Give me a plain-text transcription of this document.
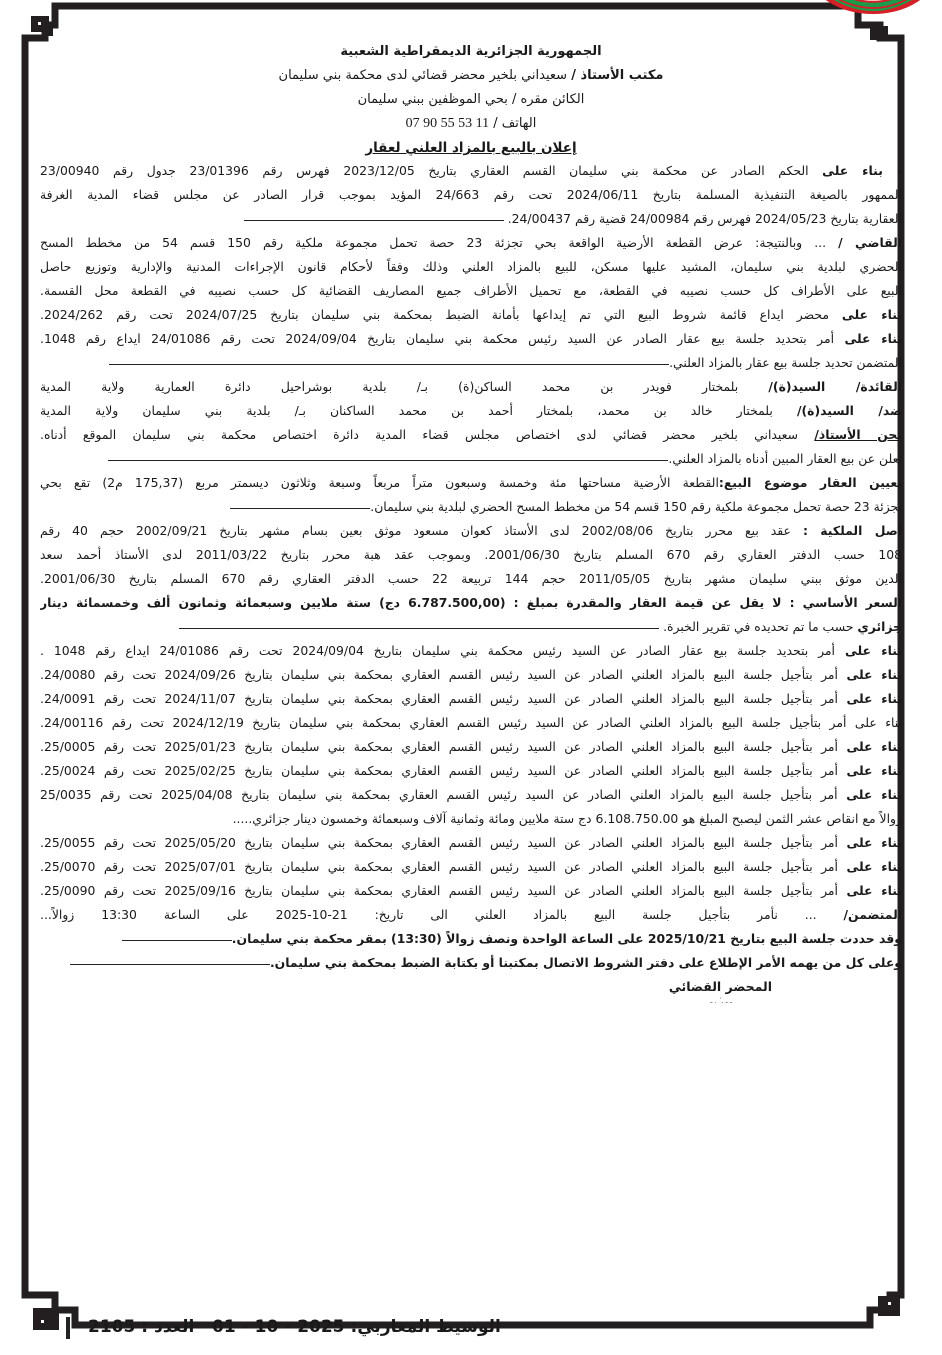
الجمهورية الجزائرية الديمقراطية الشعبية
مكتب الأستاذ / سعيداني بلخير محضر قضائي لدى محكمة بني سليمان
الكائن مقره / بحي الموظفين ببني سليمان
الهاتف / 07 90 55 53 11
إعلان بالبيع بالمزاد العلني لعقار
- بناء على الحكم الصادر عن محكمة بني سليمان القسم العقاري بتاريخ 2023/12/05 فهرس رقم 23/01396 جدول رقم 23/00940
الممهور بالصيغة التنفيذية المسلمة بتاريخ 2024/06/11 تحت رقم 24/663 المؤيد بموجب قرار الصادر عن مجلس قضاء المدية الغرفة
العقارية بتاريخ 2024/05/23 فهرس رقم 24/00984 قضية رقم 24/00437.
القاضي / ... وبالنتيجة: عرض القطعة الأرضية الواقعة بحي تجزئة 23 حصة تحمل مجموعة ملكية رقم 150 قسم 54 من مخطط المسح
الحضري لبلدية بني سليمان، المشيد عليها مسكن، للبيع بالمزاد العلني وذلك وفقاً لأحكام قانون الإجراءات المدنية والإدارية وتوزيع حاصل
البيع على الأطراف كل حسب نصيبه في القطعة، مع تحميل الأطراف جميع المصاريف القضائية كل حسب نصيبه في القطعة محل القسمة.
بناء على محضر ايداع قائمة شروط البيع التي تم إيداعها بأمانة الضبط بمحكمة بني سليمان بتاريخ 2024/07/25 تحت رقم 2024/262.
بناء على أمر بتحديد جلسة بيع عقار الصادر عن السيد رئيس محكمة بني سليمان بتاريخ 2024/09/04 تحت رقم 24/01086 ايداع رقم 1048.
المتضمن تحديد جلسة بيع عقار بالمزاد العلني.
القائدة/ السيد(ة)/ بلمختار فويدر بن محمد الساكن(ة) بـ/ بلدية بوشراحيل دائرة العمارية ولاية المدية
ضد/ السيد(ة)/ بلمختار خالد بن محمد، بلمختار أحمد بن محمد الساكنان بـ/ بلدية بني سليمان ولاية المدية
نحن الأستاذ/ سعيداني بلخير محضر قضائي لدى اختصاص مجلس قضاء المدية دائرة اختصاص محكمة بني سليمان الموقع أدناه.
نعلن عن بيع العقار المبين أدناه بالمزاد العلني.
تعيين العقار موضوع البيع:القطعة الأرضية مساحتها مئة وخمسة وسبعون متراً مربعاً وسبعة وثلاثون ديسمتر مربع (175,37 م2) تقع بحي
تجزئة 23 حصة تحمل مجموعة ملكية رقم 150 قسم 54 من مخطط المسح الحضري لبلدية بني سليمان.
أصل الملكية : عقد بيع محرر بتاريخ 2002/08/06 لدى الأستاذ كعوان مسعود موثق بعين بسام مشهر بتاريخ 2002/09/21 حجم 40 رقم
108 حسب الدفتر العقاري رقم 670 المسلم بتاريخ 2001/06/30. وبموجب عقد هبة محرر بتاريخ 2011/03/22 لدى الأستاذ أحمد سعد
الدين موثق ببني سليمان مشهر بتاريخ 2011/05/05 حجم 144 تربيعة 22 حسب الدفتر العقاري رقم 670 المسلم بتاريخ 2001/06/30.
السعر الأساسي : لا يقل عن قيمة العقار والمقدرة بمبلغ : (6.787.500,00 دج) ستة ملايين وسبعمائة وثمانون ألف وخمسمائة دينار
جزائري حسب ما تم تحديده في تقرير الخبرة.
بناء على أمر بتحديد جلسة بيع عقار الصادر عن السيد رئيس محكمة بني سليمان بتاريخ 2024/09/04 تحت رقم 24/01086 ايداع رقم 1048 .
بناء على أمر بتأجيل جلسة البيع بالمزاد العلني الصادر عن السيد رئيس القسم العقاري بمحكمة بني سليمان بتاريخ 2024/09/26 تحت رقم 24/0080.
بناء على أمر بتأجيل جلسة البيع بالمزاد العلني الصادر عن السيد رئيس القسم العقاري بمحكمة بني سليمان بتاريخ 2024/11/07 تحت رقم 24/0091.
بناء على أمر بتأجيل جلسة البيع بالمزاد العلني الصادر عن السيد رئيس القسم العقاري بمحكمة بني سليمان بتاريخ 2024/12/19 تحت رقم 24/00116.
بناء على أمر بتأجيل جلسة البيع بالمزاد العلني الصادر عن السيد رئيس القسم العقاري بمحكمة بني سليمان بتاريخ 2025/01/23 تحت رقم 25/0005.
بناء على أمر بتأجيل جلسة البيع بالمزاد العلني الصادر عن السيد رئيس القسم العقاري بمحكمة بني سليمان بتاريخ 2025/02/25 تحت رقم 25/0024.
بناء على أمر بتأجيل جلسة البيع بالمزاد العلني الصادر عن السيد رئيس القسم العقاري بمحكمة بني سليمان بتاريخ 2025/04/08 تحت رقم 25/0035
زوالاً مع انقاص عشر الثمن ليصبح المبلغ هو 6.108.750.00 دج ستة ملايين ومائة وثمانية آلاف وسبعمائة وخمسون دينار جزائري.....
بناء على أمر بتأجيل جلسة البيع بالمزاد العلني الصادر عن السيد رئيس القسم العقاري بمحكمة بني سليمان بتاريخ 2025/05/20 تحت رقم 25/0055.
بناء على أمر بتأجيل جلسة البيع بالمزاد العلني الصادر عن السيد رئيس القسم العقاري بمحكمة بني سليمان بتاريخ 2025/07/01 تحت رقم 25/0070.
بناء على أمر بتأجيل جلسة البيع بالمزاد العلني الصادر عن السيد رئيس القسم العقاري بمحكمة بني سليمان بتاريخ 2025/09/16 تحت رقم 25/0090.
المتضمن/ ... نأمر بتأجيل جلسة البيع بالمزاد العلني الى تاريخ: 21-10-2025 على الساعة 13:30 زوالاً...
وقد حددت جلسة البيع بتاريخ 2025/10/21 على الساعة الواحدة ونصف زوالاً (13:30) بمقر محكمة بني سليمان.
وعلى كل من يهمه الأمر الإطلاع على دفتر الشروط الاتصال بمكتبنا أو بكتابة الضبط بمحكمة بني سليمان.
المحضر القضائي
ـ ـ . ٰ . ـ
الوسيط المغاربي: 01 - 10 - 2025   العدد : 2105
